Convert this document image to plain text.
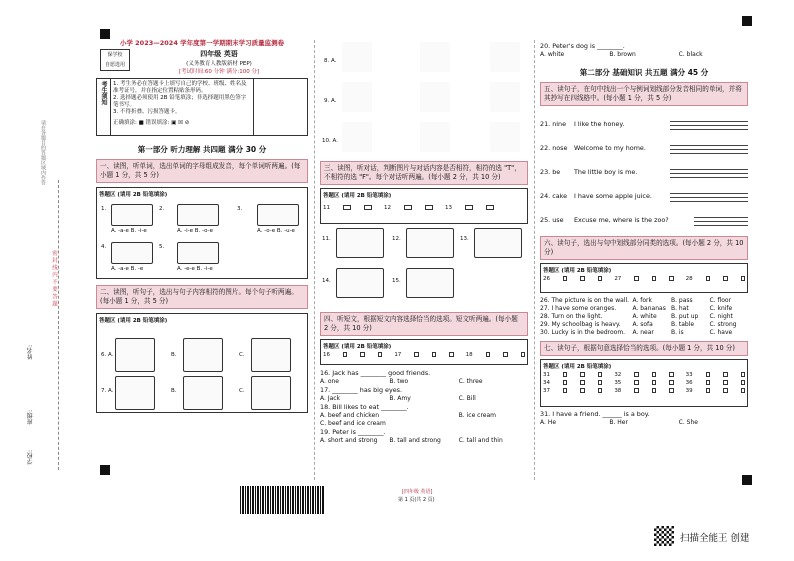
请在各题目的答题区域内作答
密 封 线 内 不 要 答 题
姓名:
班级:
学校:
小学 2023—2024 学年度第一学期期末学习质量监测卷
保学校
自愿选用
四年级 英语
(义务教育人教版新材 PEP)
[考试时间:60 分钟 满分:100 分]
考生须知	1. 考生务必在答题卡上填写自己的学校、班级、姓名及准考证号，并在指定位置粘贴条形码。
2. 选择题必须使用 2B 铅笔填涂；非选择题用黑色签字笔书写。
3. 不得折叠、污损答题卡。
正确填涂: ■ 错误填涂: ▣ ☒ ⊘
第一部分 听力理解 共四题 满分 30 分
一、读图，听单词，选出单词的字母组成发音，每个单词听两遍。(每小题 1 分，共 5 分)
答题区 (请用 2B 铅笔填涂)
1.	2.	3.
A. -a-e B. -i-e	A. -i-e B. -o-e	A. -o-e B. -u-e
4.	5.
A. -a-e B. -e	A. -e-e B. -i-e
二、读图，听句子，选出与句子内容相符的图片。每个句子听两遍。(每小题 1 分，共 5 分)
答题区 (请用 2B 铅笔填涂)
6. A.	B.	C.
7. A.	B.	C.
8. A.
9. A.
10. A.
三、读图，听对话，判断图片与对话内容是否相符，相符的选 "T"，不相符的选 "F"。每个对话听两遍。(每小题 2 分，共 10 分)
答题区 (请用 2B 铅笔填涂)
11	12	13
11.	12.	13.
14.	15.
四、听短文，根据短文内容选择恰当的选项。短文听两遍。(每小题 2 分，共 10 分)
答题区 (请用 2B 铅笔填涂)
16	17	18
16. Jack has ________ good friends.
A. one	B. two	C. three
17. ________ has big eyes.
A. Jack	B. Amy	C. Bill
18. Bill likes to eat ________.
A. beef and chicken	B. ice cream
C. beef and ice cream
19. Peter is ________.
A. short and strong	B. tall and strong	C. tall and thin
[四年级 英语]
第 1 页(共 2 页)
20. Peter's dog is ________.
A. white	B. brown	C. black
第二部分 基础知识 共五题 满分 45 分
五、读句子，在句中找出一个与例词划线部分发音相同的单词，并将其抄写在四线格中。(每小题 1 分，共 5 分)
21. nine	I like the honey.
22. nose	Welcome to my home.
23. be	The little boy is me.
24. cake	I have some apple juice.
25. use	Excuse me, where is the zoo?
六、读句子，选出与句中划线部分同类的选项。(每小题 2 分，共 10 分)
答题区 (请用 2B 铅笔填涂)
26	27	28
26. The picture is on the wall. A. fork	B. pass	C. floor
27. I have some oranges.	A. bananas B. hat	C. knife
28. Turn on the light.	A. white	B. put up	C. night
29. My schoolbag is heavy.	A. sofa	B. table	C. strong
30. Lucky is in the bedroom.	A. near	B. is	C. have
七、读句子，根据句意选择恰当的选项。(每小题 1 分，共 10 分)
答题区 (请用 2B 铅笔填涂)
31	32	33
34	35	36
37	38	39
31. I have a friend. ______ is a boy.
A. He	B. Her	C. She
扫描全能王 创建
